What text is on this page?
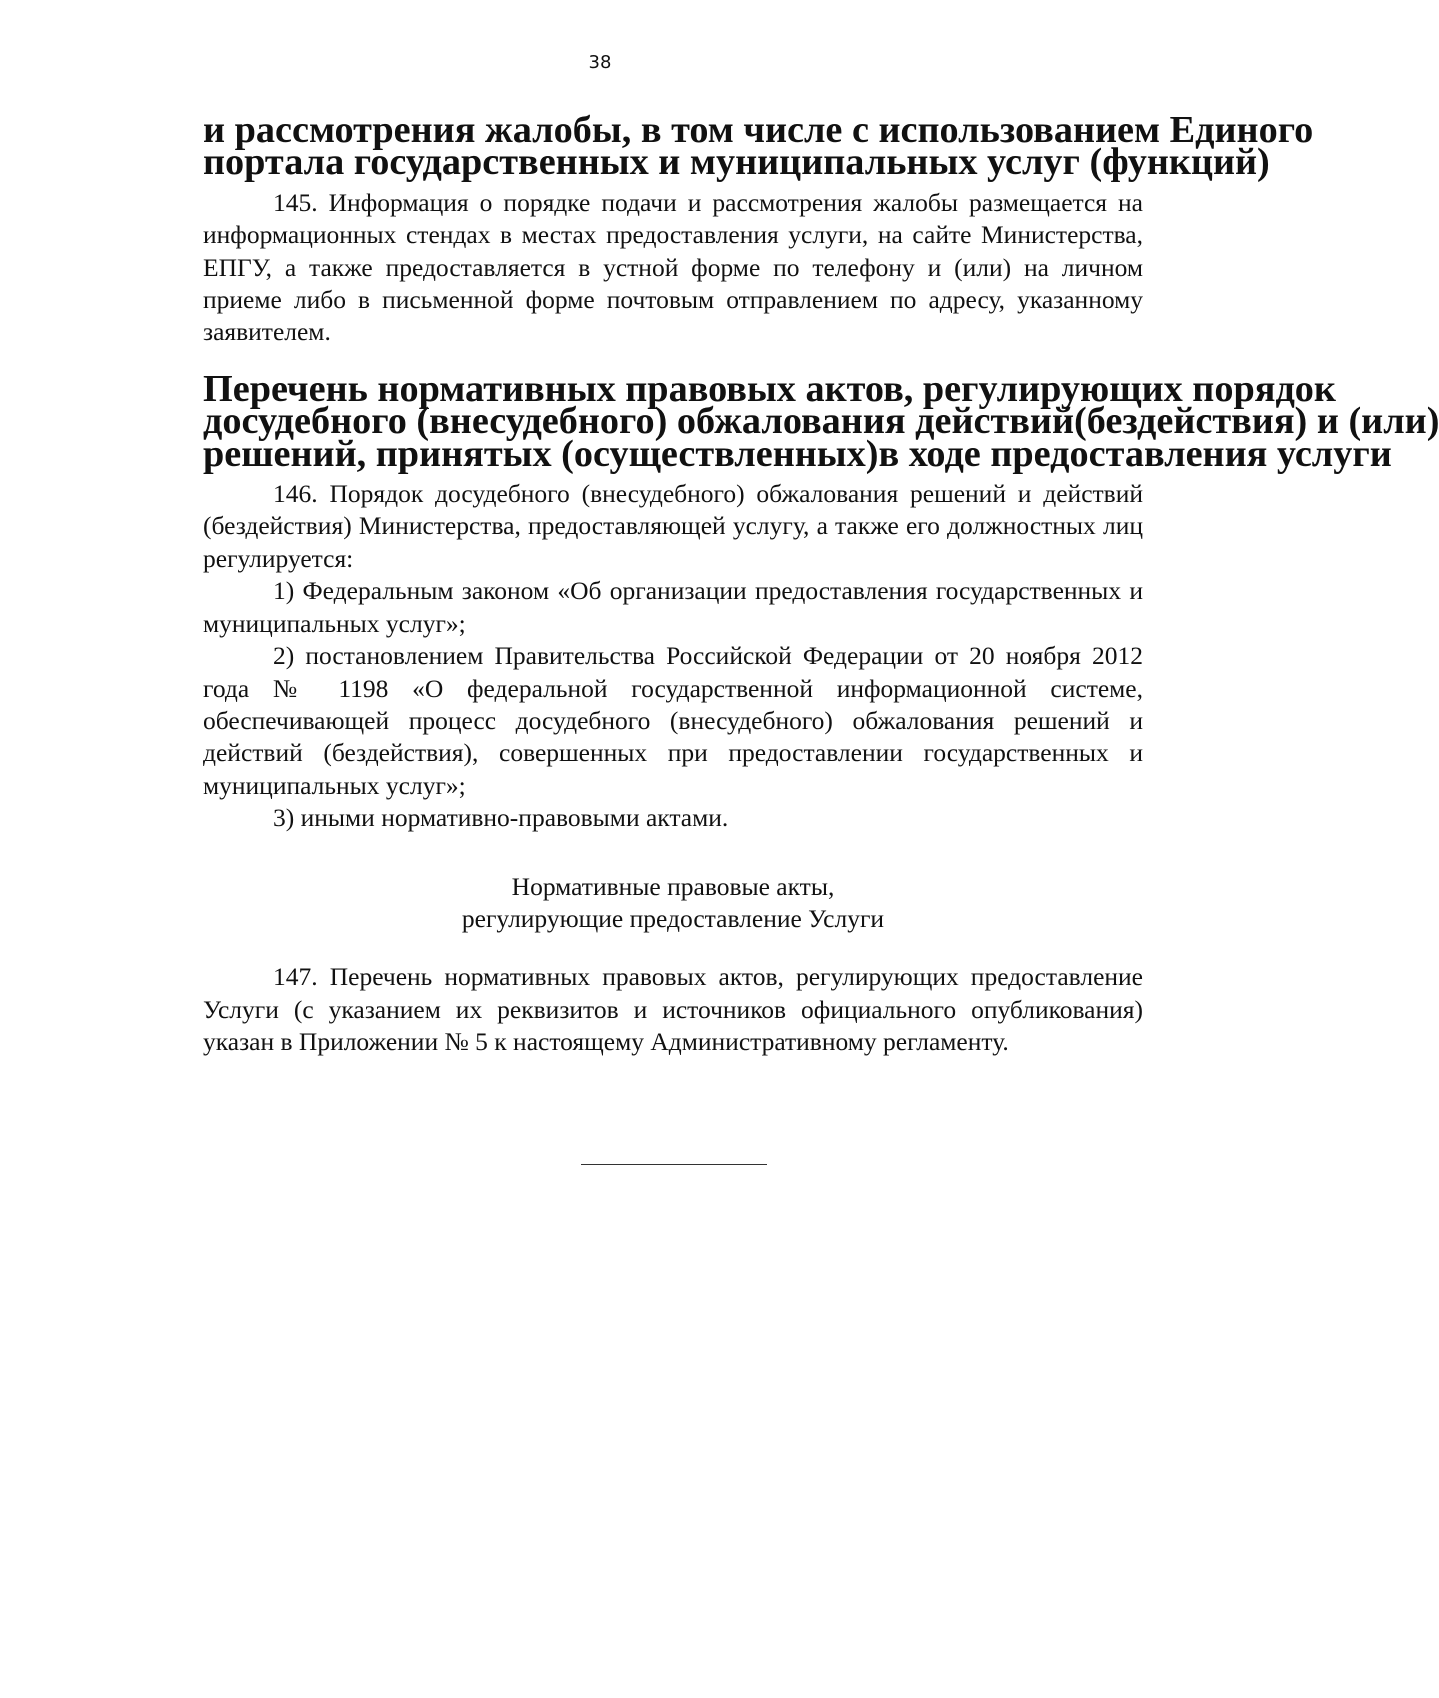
38
и рассмотрения жалобы, в том числе с использованием Единого
портала государственных и муниципальных услуг (функций)

145. Информация о порядке подачи и рассмотрения жалобы размещается на информационных стендах в местах предоставления услуги, на сайте Министерства, ЕПГУ, а также предоставляется в устной форме по телефону и (или) на личном приеме либо в письменной форме почтовым отправлением по адресу, указанному заявителем.

Перечень нормативных правовых актов, регулирующих порядок
досудебного (внесудебного) обжалования действий(бездействия) и (или)
решений, принятых (осуществленных)в ходе предоставления услуги

146. Порядок досудебного (внесудебного) обжалования решений и действий (бездействия) Министерства, предоставляющей услугу, а также его должностных лиц регулируется:

1) Федеральным законом «Об организации предоставления государственных и муниципальных услуг»;

2) постановлением Правительства Российской Федерации от 20 ноября 2012 года № 1198 «О федеральной государственной информационной системе, обеспечивающей процесс досудебного (внесудебного) обжалования решений и действий (бездействия), совершенных при предоставлении государственных и муниципальных услуг»;

3) иными нормативно-правовыми актами.

Нормативные правовые акты,
регулирующие предоставление Услуги

147. Перечень нормативных правовых актов, регулирующих предоставление Услуги (с указанием их реквизитов и источников официального опубликования) указан в Приложении № 5 к настоящему Административному регламенту.
